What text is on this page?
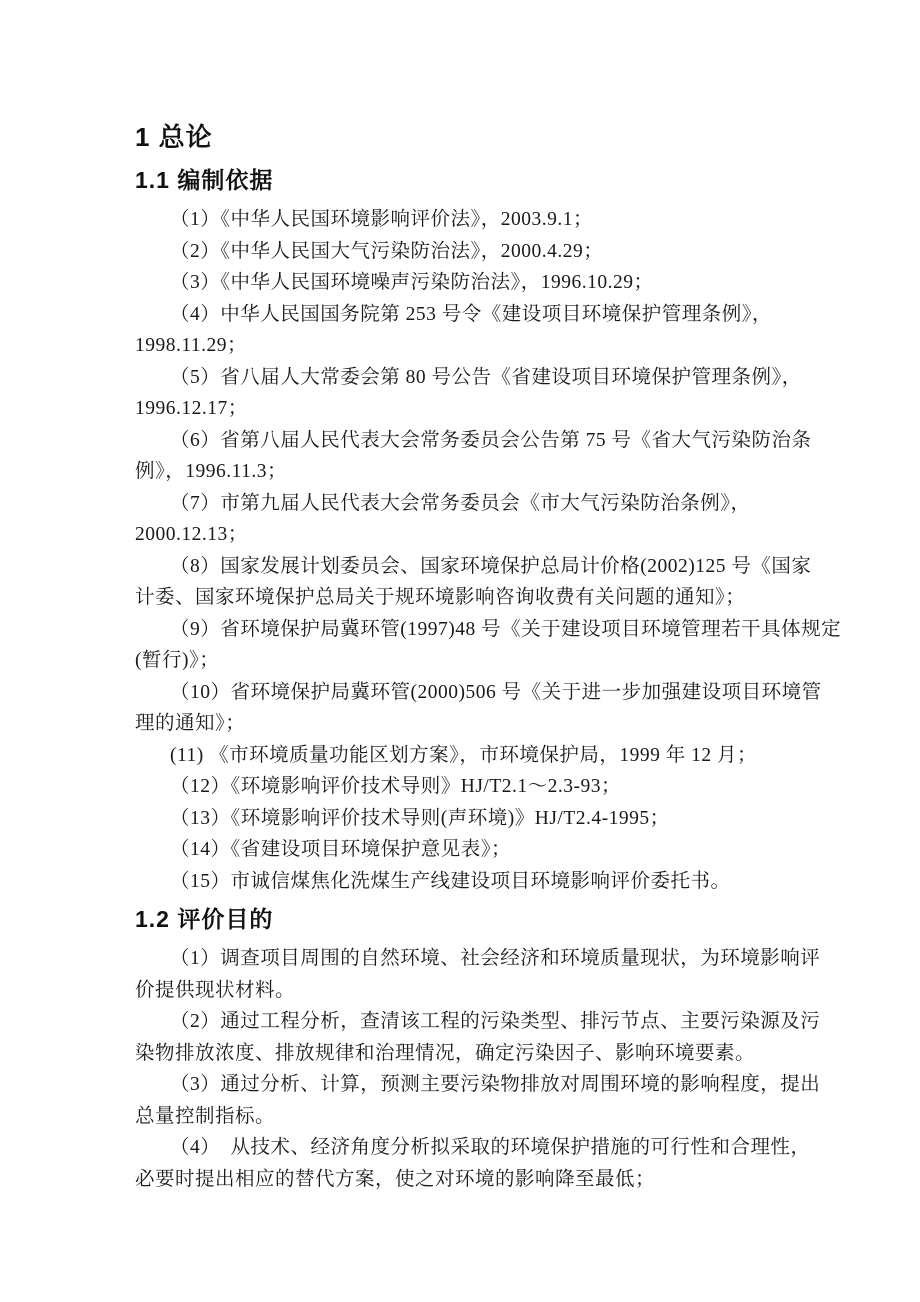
1 总论
1.1 编制依据
（1）《中华人民国环境影响评价法》，2003.9.1；
（2）《中华人民国大气污染防治法》，2000.4.29；
（3）《中华人民国环境噪声污染防治法》，1996.10.29；
（4）中华人民国国务院第 253 号令《建设项目环境保护管理条例》，
1998.11.29；
（5）省八届人大常委会第 80 号公告《省建设项目环境保护管理条例》，
1996.12.17；
（6）省第八届人民代表大会常务委员会公告第 75 号《省大气污染防治条
例》，1996.11.3；
（7）市第九届人民代表大会常务委员会《市大气污染防治条例》，
2000.12.13；
（8）国家发展计划委员会、国家环境保护总局计价格(2002)125 号《国家
计委、国家环境保护总局关于规环境影响咨询收费有关问题的通知》；
（9）省环境保护局冀环管(1997)48 号《关于建设项目环境管理若干具体规定
(暂行)》；
（10）省环境保护局冀环管(2000)506 号《关于进一步加强建设项目环境管
理的通知》；
(11) 《市环境质量功能区划方案》，市环境保护局，1999 年 12 月；
（12）《环境影响评价技术导则》HJ/T2.1～2.3-93；
（13）《环境影响评价技术导则(声环境)》HJ/T2.4-1995；
（14）《省建设项目环境保护意见表》；
（15）市诚信煤焦化洗煤生产线建设项目环境影响评价委托书。
1.2 评价目的
（1）调查项目周围的自然环境、社会经济和环境质量现状，为环境影响评
价提供现状材料。
（2）通过工程分析，查清该工程的污染类型、排污节点、主要污染源及污
染物排放浓度、排放规律和治理情况，确定污染因子、影响环境要素。
（3）通过分析、计算，预测主要污染物排放对周围环境的影响程度，提出
总量控制指标。
（4）　从技术、经济角度分析拟采取的环境保护措施的可行性和合理性，
必要时提出相应的替代方案，使之对环境的影响降至最低；
